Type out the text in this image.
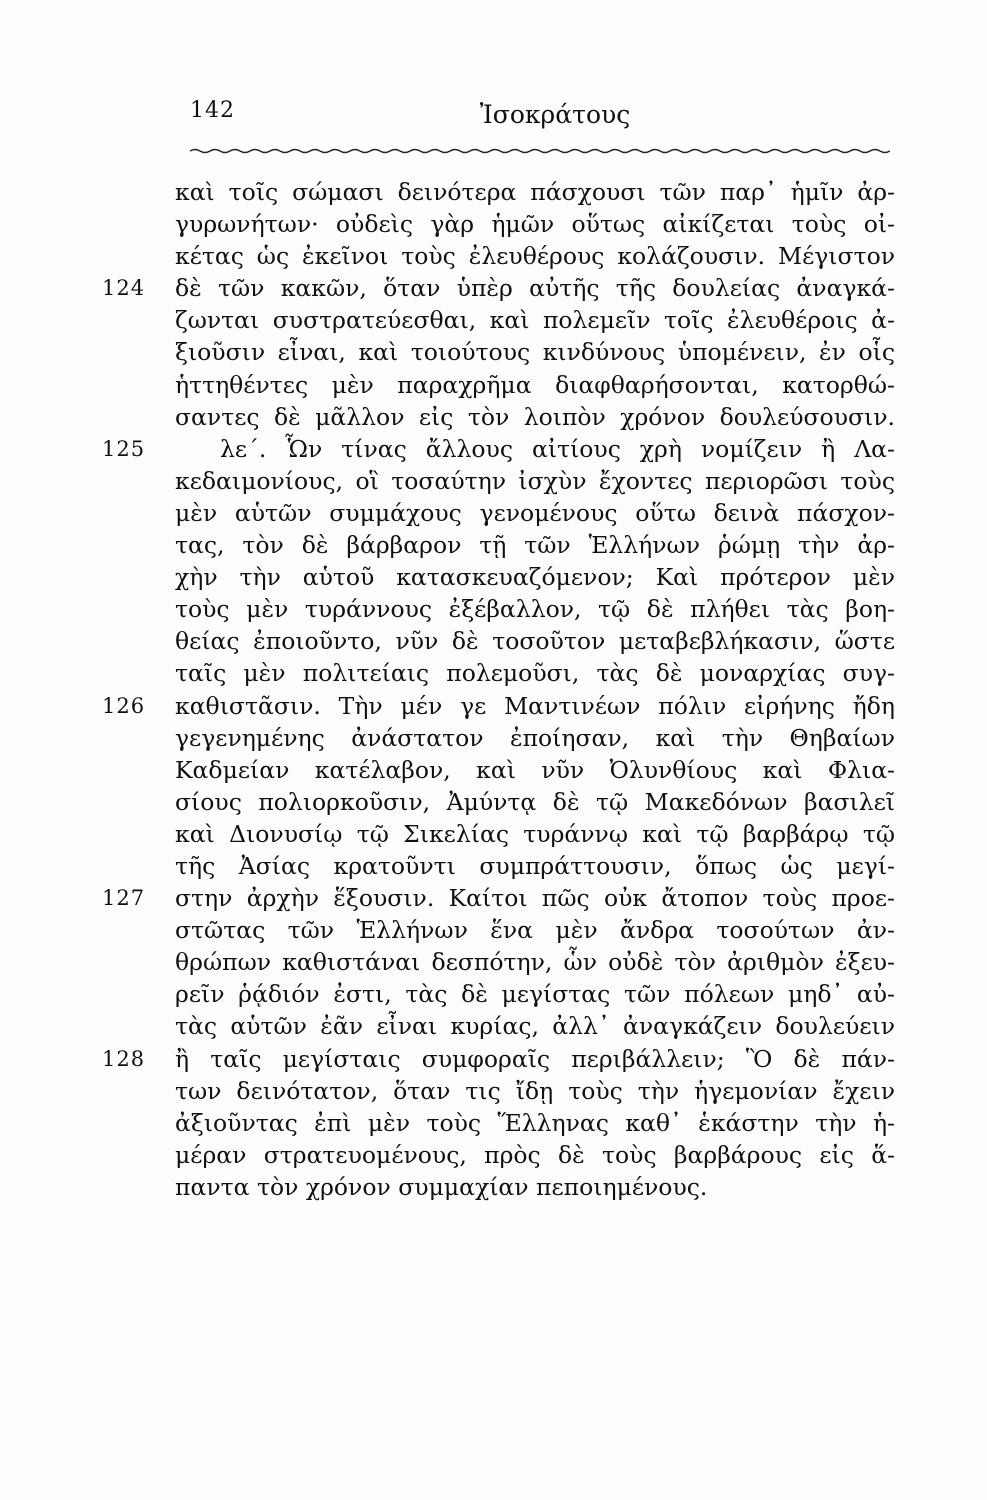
142	Ἰσοκράτους
καὶ τοῖς σώμασι δεινότερα πάσχουσι τῶν παρ᾽ ἡμῖν ἀρ-
γυρωνήτων· οὐδεὶς γὰρ ἡμῶν οὕτως αἰκίζεται τοὺς οἰ-
κέτας ὡς ἐκεῖνοι τοὺς ἐλευθέρους κολάζουσιν. Μέγιστον
124 δὲ τῶν κακῶν, ὅταν ὑπὲρ αὐτῆς τῆς δουλείας ἀναγκά-
ζωνται συστρατεύεσθαι, καὶ πολεμεῖν τοῖς ἐλευθέροις ἀ-
ξιοῦσιν εἶναι, καὶ τοιούτους κινδύνους ὑπομένειν, ἐν οἷς
ἡττηθέντες μὲν παραχρῆμα διαφθαρήσονται, κατορθώ-
σαντες δὲ μᾶλλον εἰς τὸν λοιπὸν χρόνον δουλεύσουσιν.
125	λε΄. Ὧν τίνας ἄλλους αἰτίους χρὴ νομίζειν ἢ Λα-
κεδαιμονίους, οἳ τοσαύτην ἰσχὺν ἔχοντες περιορῶσι τοὺς
μὲν αὑτῶν συμμάχους γενομένους οὕτω δεινὰ πάσχον-
τας, τὸν δὲ βάρβαρον τῇ τῶν Ἑλλήνων ῥώμῃ τὴν ἀρ-
χὴν τὴν αὑτοῦ κατασκευαζόμενον; Καὶ πρότερον μὲν
τοὺς μὲν τυράννους ἐξέβαλλον, τῷ δὲ πλήθει τὰς βοη-
θείας ἐποιοῦντο, νῦν δὲ τοσοῦτον μεταβεβλήκασιν, ὥστε
ταῖς μὲν πολιτείαις πολεμοῦσι, τὰς δὲ μοναρχίας συγ-
126 καθιστᾶσιν. Τὴν μέν γε Μαντινέων πόλιν εἰρήνης ἤδη
γεγενημένης ἀνάστατον ἐποίησαν, καὶ τὴν Θηβαίων
Καδμείαν κατέλαβον, καὶ νῦν Ὀλυνθίους καὶ Φλια-
σίους πολιορκοῦσιν, Ἀμύντᾳ δὲ τῷ Μακεδόνων βασιλεῖ
καὶ Διονυσίῳ τῷ Σικελίας τυράννῳ καὶ τῷ βαρβάρῳ τῷ
τῆς Ἀσίας κρατοῦντι συμπράττουσιν, ὅπως ὡς μεγί-
127 στην ἀρχὴν ἕξουσιν. Καίτοι πῶς οὐκ ἄτοπον τοὺς προε-
στῶτας τῶν Ἑλλήνων ἕνα μὲν ἄνδρα τοσούτων ἀν-
θρώπων καθιστάναι δεσπότην, ὧν οὐδὲ τὸν ἀριθμὸν ἐξευ-
ρεῖν ῥᾴδιόν ἐστι, τὰς δὲ μεγίστας τῶν πόλεων μηδ᾽ αὐ-
τὰς αὑτῶν ἐᾶν εἶναι κυρίας, ἀλλ᾽ ἀναγκάζειν δουλεύειν
128 ἢ ταῖς μεγίσταις συμφοραῖς περιβάλλειν; Ὃ δὲ πάν-
των δεινότατον, ὅταν τις ἴδῃ τοὺς τὴν ἡγεμονίαν ἔχειν
ἀξιοῦντας ἐπὶ μὲν τοὺς Ἕλληνας καθ᾽ ἑκάστην τὴν ἡ-
μέραν στρατευομένους, πρὸς δὲ τοὺς βαρβάρους εἰς ἅ-
παντα τὸν χρόνον συμμαχίαν πεποιημένους.
